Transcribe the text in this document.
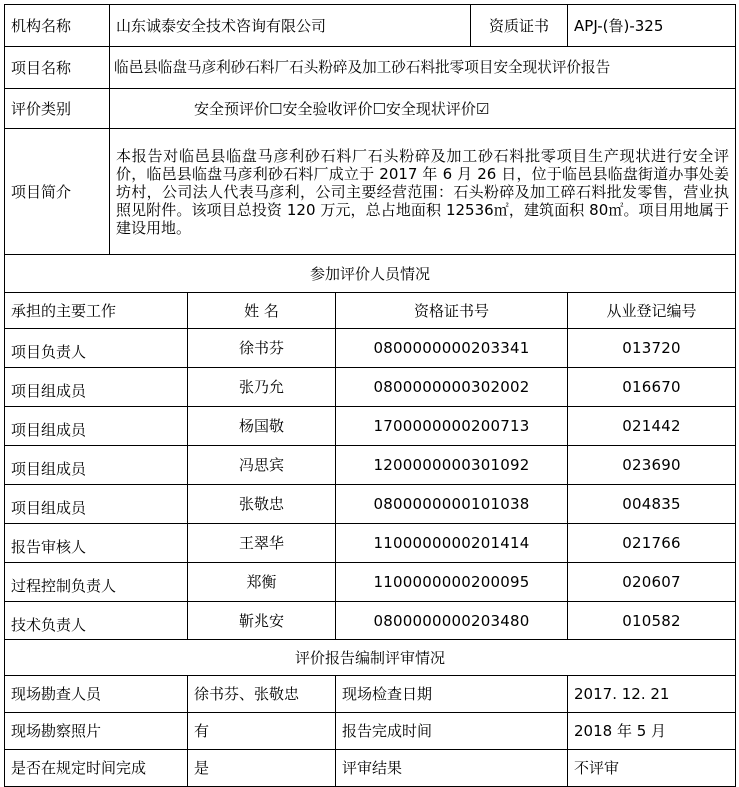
机构名称	山东诚泰安全技术咨询有限公司			资质证书	APJ-(鲁)-325
项目名称	临邑县临盘马彦利砂石料厂石头粉碎及加工砂石料批零项目安全现状评价报告				
评价类别	安全预评价☐安全验收评价☐安全现状评价☑				
项目简介	本报告对临邑县临盘马彦利砂石料厂石头粉碎及加工砂石料批零项目生产现状进行安全评价，临邑县临盘马彦利砂石料厂成立于 2017 年 6 月 26 日，位于临邑县临盘街道办事处姜坊村，公司法人代表马彦利，公司主要经营范围：石头粉碎及加工碎石料批发零售，营业执照见附件。该项目总投资 120 万元，总占地面积 12536㎡，建筑面积 80㎡。项目用地属于建设用地。				
参加评价人员情况					
承担的主要工作		姓 名	资格证书号		从业登记编号
项目负责人		徐书芬	0800000000203341		013720
项目组成员		张乃允	0800000000302002		016670
项目组成员		杨国敬	1700000000200713		021442
项目组成员		冯思宾	1200000000301092		023690
项目组成员		张敬忠	0800000000101038		004835
报告审核人		王翠华	1100000000201414		021766
过程控制负责人		郑衡	1100000000200095		020607
技术负责人		靳兆安	0800000000203480		010582
评价报告编制评审情况					
现场勘查人员		徐书芬、张敬忠	现场检查日期		2017. 12. 21
现场勘察照片		有	报告完成时间		2018 年 5 月
是否在规定时间完成		是	评审结果		不评审
